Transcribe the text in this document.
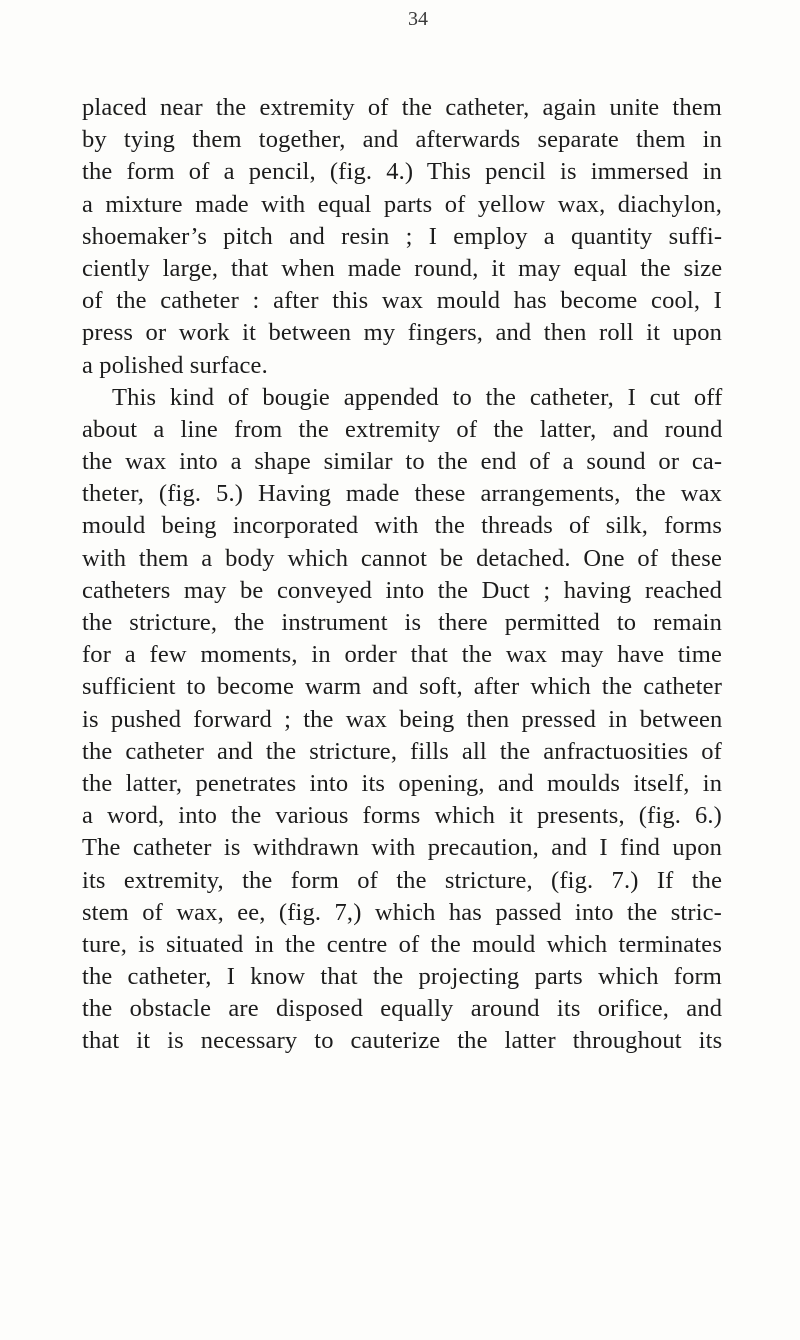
34
placed near the extremity of the catheter, again unite them
by tying them together, and afterwards separate them in
the form of a pencil, (fig. 4.) This pencil is immersed in
a mixture made with equal parts of yellow wax, diachylon,
shoemaker’s pitch and resin ; I employ a quantity suffi-
ciently large, that when made round, it may equal the size
of the catheter : after this wax mould has become cool, I
press or work it between my fingers, and then roll it upon
a polished surface.
This kind of bougie appended to the catheter, I cut off
about a line from the extremity of the latter, and round
the wax into a shape similar to the end of a sound or ca-
theter, (fig. 5.) Having made these arrangements, the wax
mould being incorporated with the threads of silk, forms
with them a body which cannot be detached. One of these
catheters may be conveyed into the Duct ; having reached
the stricture, the instrument is there permitted to remain
for a few moments, in order that the wax may have time
sufficient to become warm and soft, after which the catheter
is pushed forward ; the wax being then pressed in between
the catheter and the stricture, fills all the anfractuosities of
the latter, penetrates into its opening, and moulds itself, in
a word, into the various forms which it presents, (fig. 6.)
The catheter is withdrawn with precaution, and I find upon
its extremity, the form of the stricture, (fig. 7.) If the
stem of wax, ee, (fig. 7,) which has passed into the stric-
ture, is situated in the centre of the mould which terminates
the catheter, I know that the projecting parts which form
the obstacle are disposed equally around its orifice, and
that it is necessary to cauterize the latter throughout its
